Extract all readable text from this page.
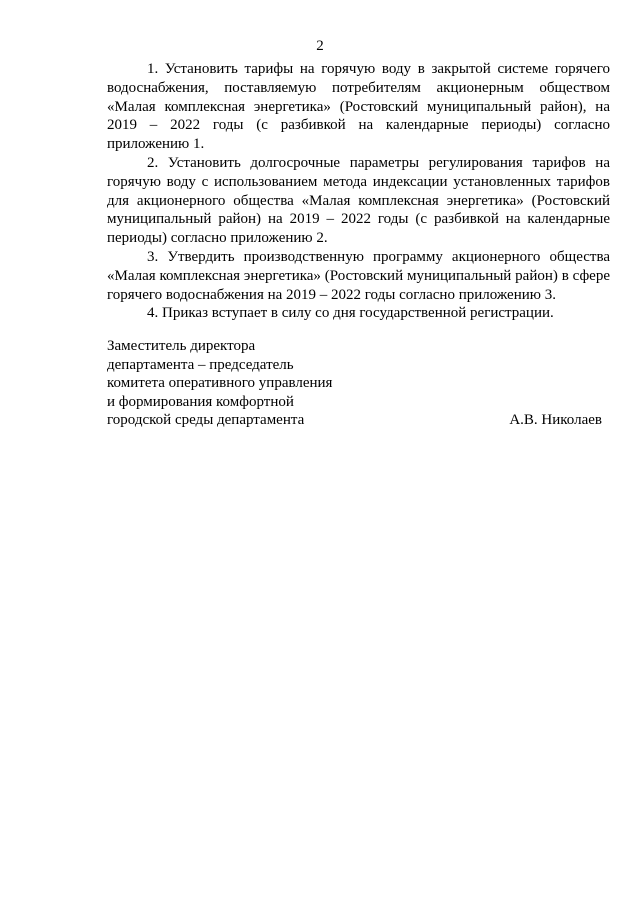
2

1. Установить тарифы на горячую воду в закрытой системе горячего водоснабжения, поставляемую потребителям акционерным обществом «Малая комплексная энергетика» (Ростовский муниципальный район), на 2019 – 2022 годы (с разбивкой на календарные периоды) согласно приложению 1.

2. Установить долгосрочные параметры регулирования тарифов на горячую воду с использованием метода индексации установленных тарифов для акционерного общества «Малая комплексная энергетика» (Ростовский муниципальный район) на 2019 – 2022 годы (с разбивкой на календарные периоды) согласно приложению 2.

3. Утвердить производственную программу акционерного общества «Малая комплексная энергетика» (Ростовский муниципальный район) в сфере горячего водоснабжения на 2019 – 2022 годы согласно приложению 3.

4. Приказ вступает в силу со дня государственной регистрации.

Заместитель директора
департамента – председатель
комитета оперативного управления
и формирования комфортной
городской среды департамента	А.В. Николаев
